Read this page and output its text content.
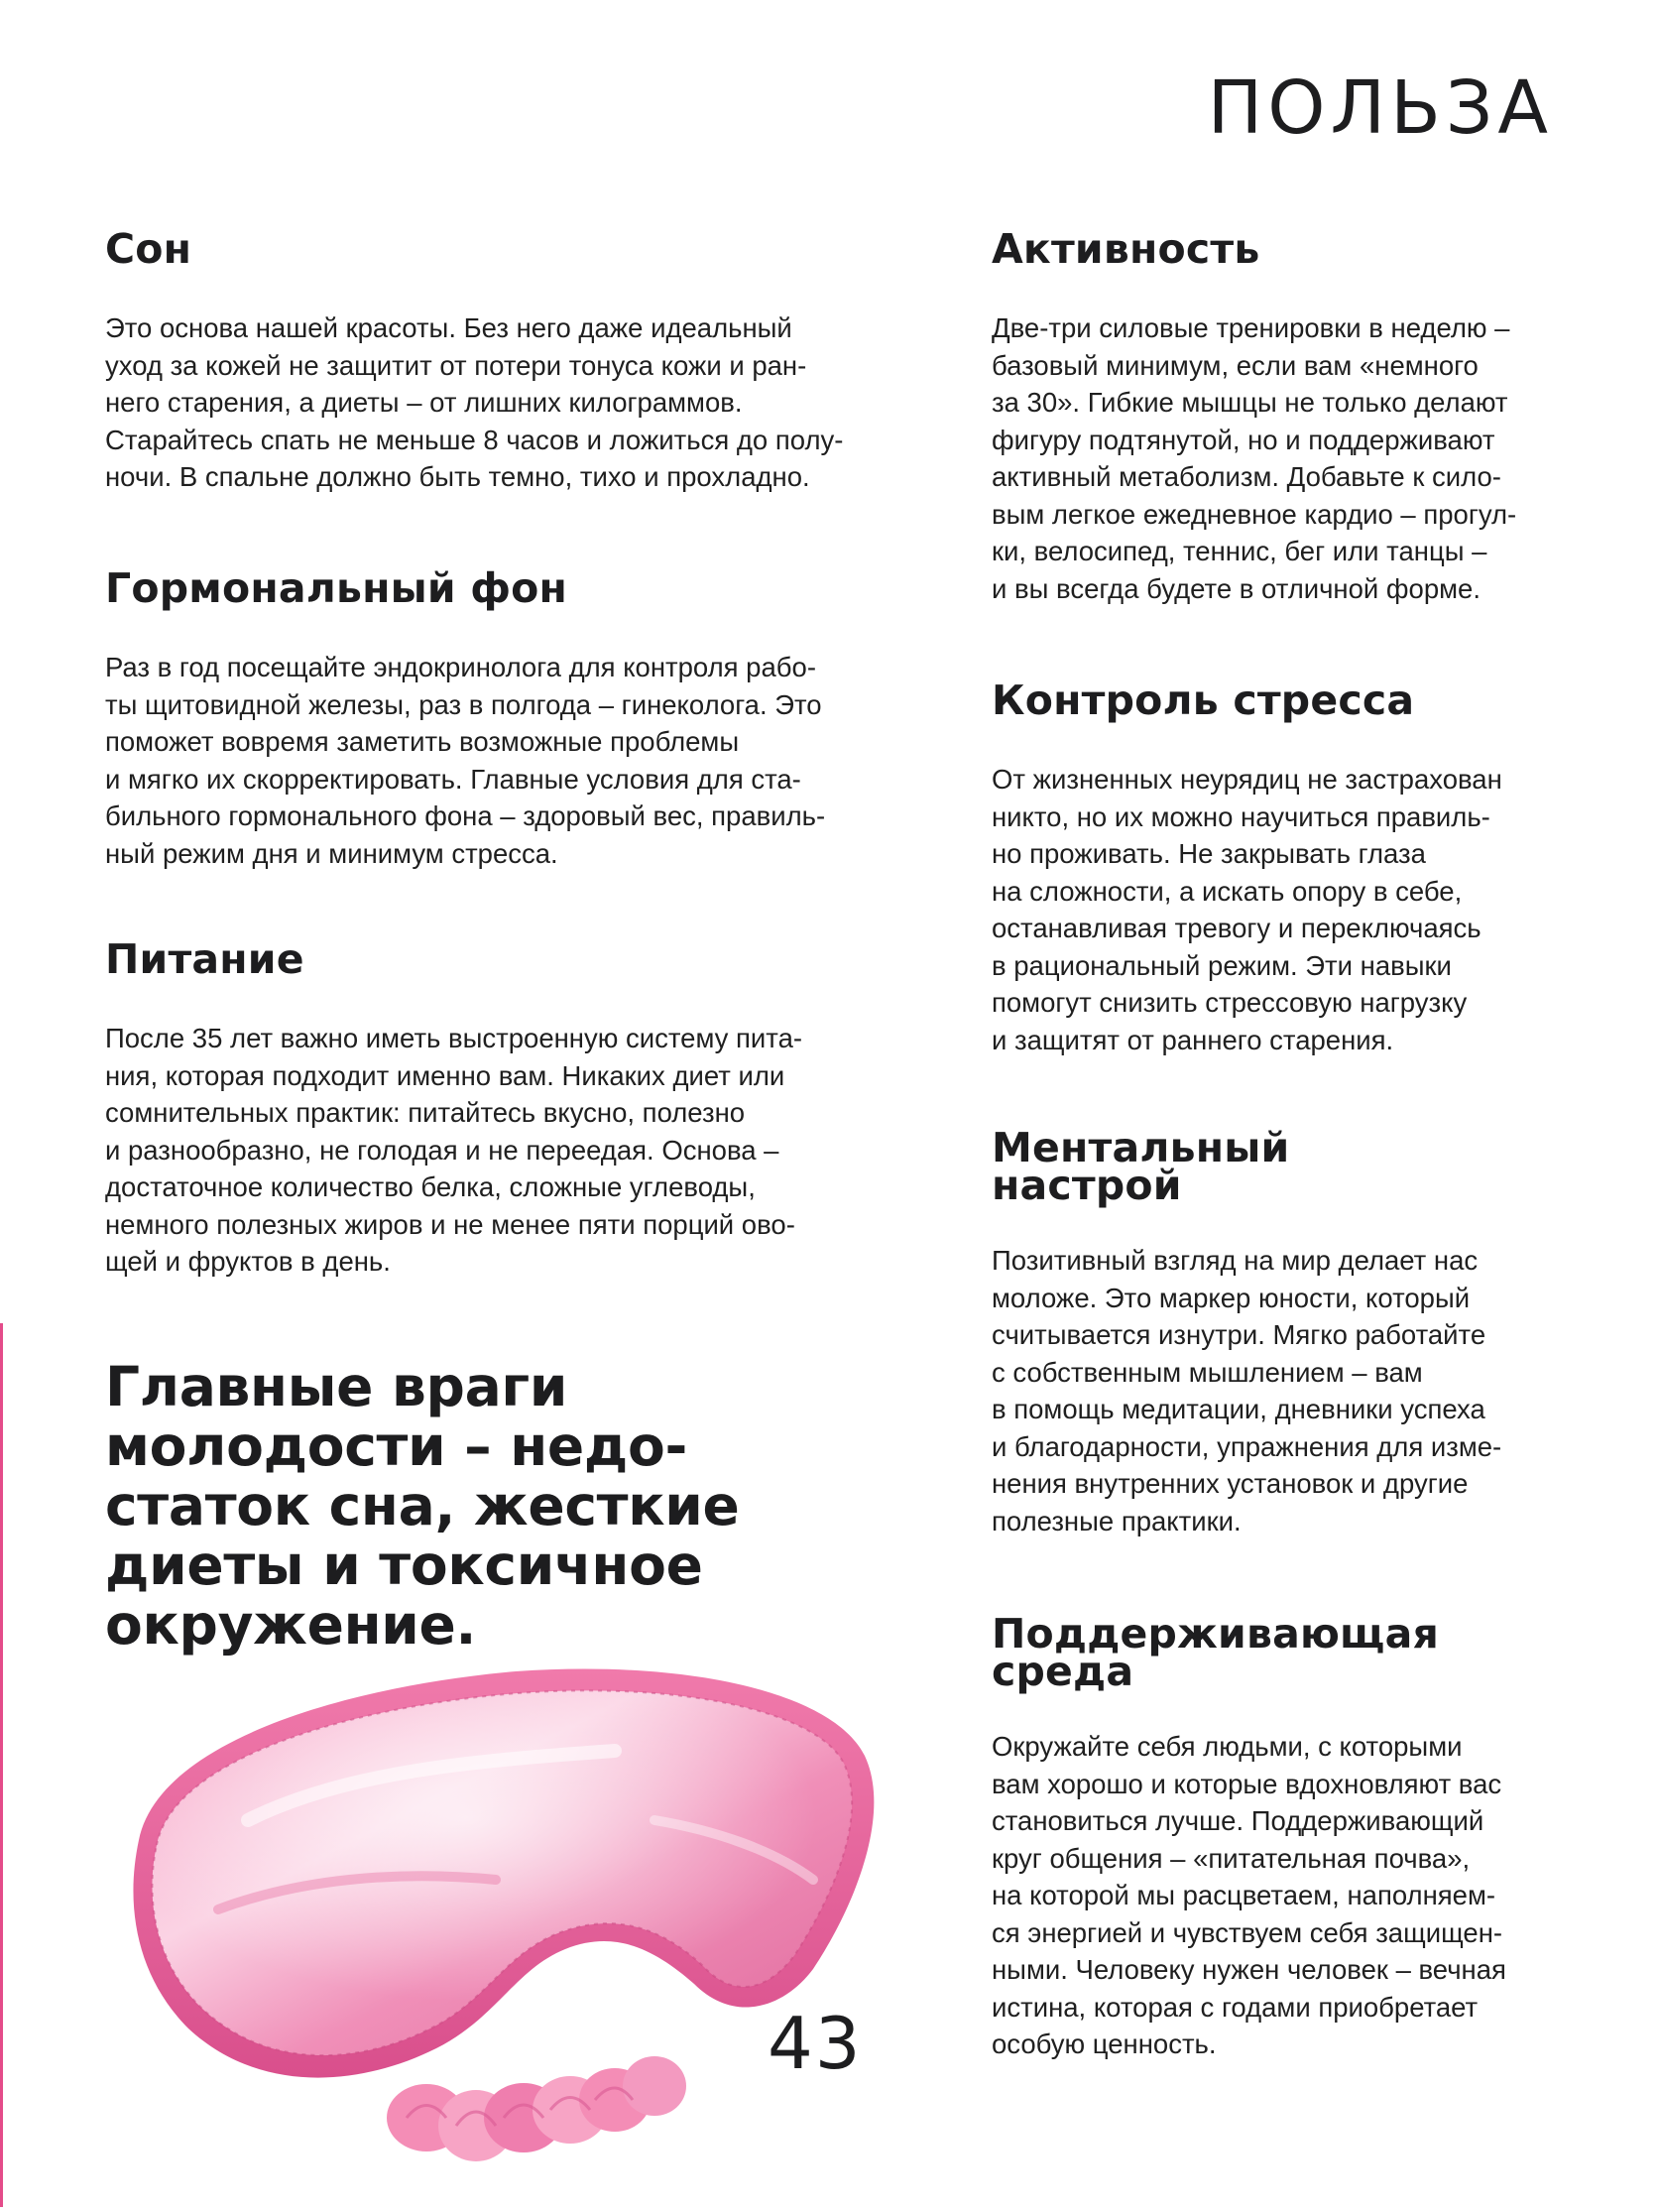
ПОЛЬЗА
Сон
Это основа нашей красоты. Без него даже идеальный
уход за кожей не защитит от потери тонуса кожи и ран-
него старения, а диеты – от лишних килограммов.
Старайтесь спать не меньше 8 часов и ложиться до полу-
ночи. В спальне должно быть темно, тихо и прохладно.
Гормональный фон
Раз в год посещайте эндокринолога для контроля рабо-
ты щитовидной железы, раз в полгода – гинеколога. Это
поможет вовремя заметить возможные проблемы
и мягко их скорректировать. Главные условия для ста-
бильного гормонального фона – здоровый вес, правиль-
ный режим дня и минимум стресса.
Питание
После 35 лет важно иметь выстроенную систему пита-
ния, которая подходит именно вам. Никаких диет или
сомнительных практик: питайтесь вкусно, полезно
и разнообразно, не голодая и не переедая. Основа –
достаточное количество белка, сложные углеводы,
немного полезных жиров и не менее пяти порций ово-
щей и фруктов в день.
Главные враги
молодости – недо-
статок сна, жесткие
диеты и токсичное
окружение.
Активность
Две-три силовые тренировки в неделю –
базовый минимум, если вам «немного
за 30». Гибкие мышцы не только делают
фигуру подтянутой, но и поддерживают
активный метаболизм. Добавьте к сило-
вым легкое ежедневное кардио – прогул-
ки, велосипед, теннис, бег или танцы –
и вы всегда будете в отличной форме.
Контроль стресса
От жизненных неурядиц не застрахован
никто, но их можно научиться правиль-
но проживать. Не закрывать глаза
на сложности, а искать опору в себе,
останавливая тревогу и переключаясь
в рациональный режим. Эти навыки
помогут снизить стрессовую нагрузку
и защитят от раннего старения.
Ментальный
настрой
Позитивный взгляд на мир делает нас
моложе. Это маркер юности, который
считывается изнутри. Мягко работайте
с собственным мышлением – вам
в помощь медитации, дневники успеха
и благодарности, упражнения для изме-
нения внутренних установок и другие
полезные практики.
Поддерживающая
среда
Окружайте себя людьми, с которыми
вам хорошо и которые вдохновляют вас
становиться лучше. Поддерживающий
круг общения – «питательная почва»,
на которой мы расцветаем, наполняем-
ся энергией и чувствуем себя защищен-
ными. Человеку нужен человек – вечная
истина, которая с годами приобретает
особую ценность.
43
